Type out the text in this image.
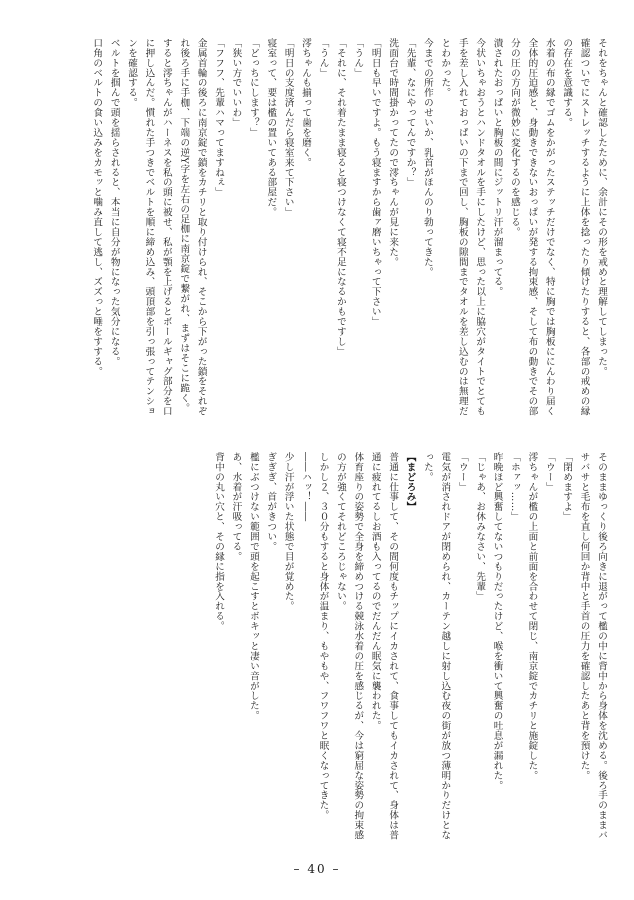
それをちゃんと確認したために、余計にその形を戒めと理解してしまった。

確認ついでにストレッチするように上体を捻ったり傾けたりすると、各部の戒めの縁の存在を意識する。

水着の布の縁でゴムをかがったステッチだけでなく、特に胸では胸板ににんわり届く全体的圧迫感と、身動きできないおっぱいが発する拘束感、そして布の動きでその部分の圧の方向が微妙に変化するのを感じる。

潰されたおっぱいと胸板の間にジットリ汗が溜まってる。

今状いちゃおうとハンドタオルを手にしたけど、思った以上に脇穴がタイトでとても手を差し入れておっぱいの下まで回し、胸板の隙間までタオルを差し込むのは無理だとわかった。

今までの所作のせいか、乳首がほんのり勃ってきた。

「先輩、なにやってんですか？」

洗面台で時間掛かってたので澪ちゃんが見に来た。

「明日も早いですよ。もう寝ますから歯ァ磨いちゃって下さい」

「うん」

「それに、それ着たまま寝ると寝つけなくて寝不足になるかもですし」

「うん」

澪ちゃんも揃って歯を磨く。

「明日の支度済んだら寝室来て下さい」

寝室って、要は檻の置いてある部屋だ。

「どっちにします？」

「狭い方でいいわ」

「フフフ、先輩ハマってますねぇ」

金属首輪の後ろに南京錠で鎖をカチリと取り付けられ、そこから下がった鎖をそれぞれ後ろ手に手枷、下端の逆Y字を左右の足枷に南京錠で繋がれ、まずはそこに跪く。すると澪ちゃんがハーネスを私の頭に被せ、私が顎を上げるとボールギャグ部分を口に押し込んだ。慣れた手つきでベルトを順に締め込み、頭頂部を引っ張ってテンションを確認する。

ベルトを掴んで頭を揺らされると、本当に自分が物になった気分になる。

口角のベルトの食い込みをカモッと噛み直して逃し、ズズっと唾をすする。

そのままゆっくり後ろ向きに退がって檻の中に背中から身体を沈める。後ろ手のままバサバサと毛布を直し何回か背中と手首の圧力を確認したあと背を預けた。

「閉めますよ」

「ウー」

澪ちゃんが檻の上面と前面を合わせて閉じ、南京錠でカチリと施錠した。

「ホァッ……」

昨晩ほど興奮してないつもりだったけど、喉を衝いて興奮の吐息が漏れた。

「じゃあ、お休みなさい、先輩」

「ウー」

電気が消されドアが閉められ、カーテン越しに射し込む夜の街が放つ薄明かりだけとなった。

【まどろみ】

普通に仕事して、その間何度もチップにイカされて、食事してもイカされて、身体は普通に疲れてるしお酒も入ってるのでだんだん眠気に襲われた。

体育座りの姿勢で全身を締めつける競泳水着の圧を感じるが、今は窮屈な姿勢の拘束感の方が強くてそれどころじゃない。

しかし２、３０分もすると身体が温まり、もやもや、フワフワと眠くなってきた。

――ハッ！――

少し汗が浮いた状態で目が覚めた。

ぎぎぎ、首がきつい。

檻にぶつけない範囲で頭を起こすとボキッと凄い音がした。

あ、水着が汗吸ってる。

背中の丸い穴と、その縁に指を入れる。

– 40 –
